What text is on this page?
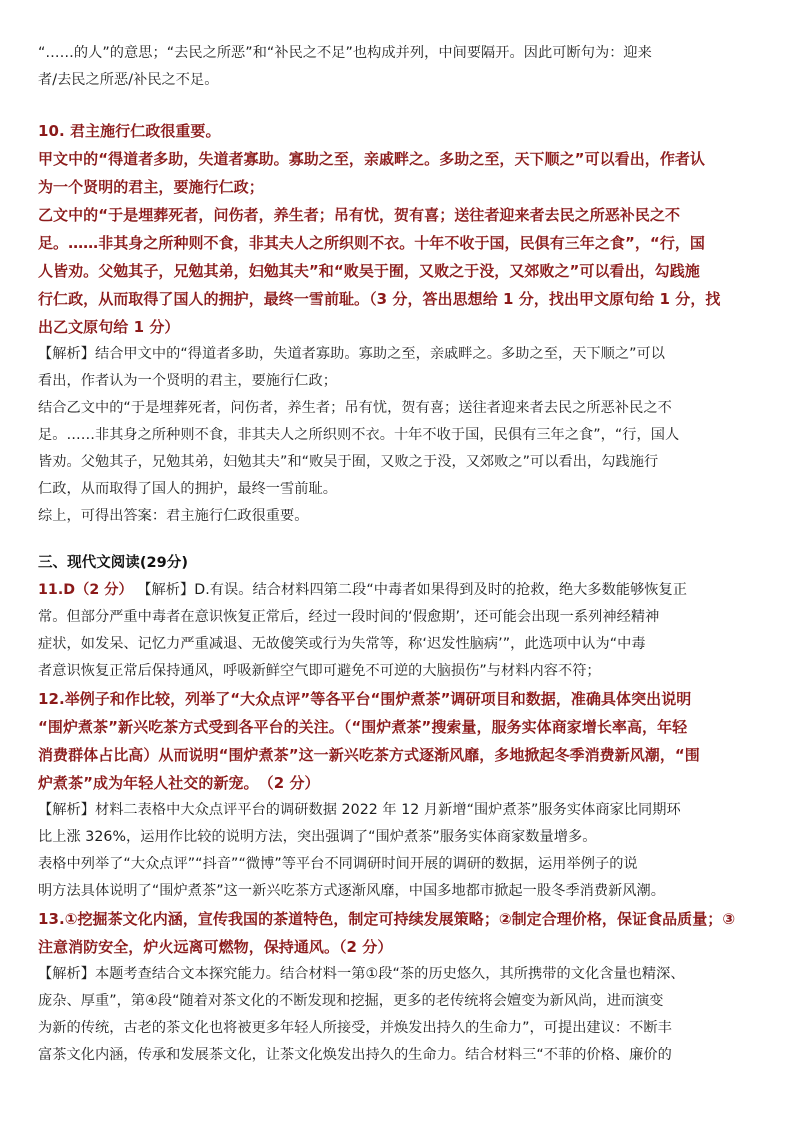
“……的人”的意思；“去民之所恶”和“补民之不足”也构成并列，中间要隔开。因此可断句为：迎来

者/去民之所恶/补民之不足。

10. 君主施行仁政很重要。

甲文中的“得道者多助，失道者寡助。寡助之至，亲戚畔之。多助之至，天下顺之”可以看出，作者认

为一个贤明的君主，要施行仁政；

乙文中的“于是埋葬死者，问伤者，养生者；吊有忧，贺有喜；送往者迎来者去民之所恶补民之不

足。……非其身之所种则不食，非其夫人之所织则不衣。十年不收于国，民俱有三年之食”，“行，国

人皆劝。父勉其子，兄勉其弟，妇勉其夫”和“败吴于囿，又败之于没，又郊败之”可以看出，勾践施

行仁政，从而取得了国人的拥护，最终一雪前耻。（3 分，答出思想给 1 分，找出甲文原句给 1 分，找

出乙文原句给 1 分）

【解析】结合甲文中的“得道者多助，失道者寡助。寡助之至，亲戚畔之。多助之至，天下顺之”可以

看出，作者认为一个贤明的君主，要施行仁政；

结合乙文中的“于是埋葬死者，问伤者，养生者；吊有忧，贺有喜；送往者迎来者去民之所恶补民之不

足。……非其身之所种则不食，非其夫人之所织则不衣。十年不收于国，民俱有三年之食”，“行，国人

皆劝。父勉其子，兄勉其弟，妇勉其夫”和“败吴于囿，又败之于没，又郊败之”可以看出，勾践施行

仁政，从而取得了国人的拥护，最终一雪前耻。

综上，可得出答案：君主施行仁政很重要。

三、现代文阅读(29分)

11.D（2 分） 【解析】D.有误。结合材料四第二段“中毒者如果得到及时的抢救，绝大多数能够恢复正

常。但部分严重中毒者在意识恢复正常后，经过一段时间的‘假愈期’，还可能会出现一系列神经精神

症状，如发呆、记忆力严重减退、无故傻笑或行为失常等，称‘迟发性脑病’”，此选项中认为“中毒

者意识恢复正常后保持通风，呼吸新鲜空气即可避免不可逆的大脑损伤”与材料内容不符；

12.举例子和作比较，列举了“大众点评”等各平台“围炉煮茶”调研项目和数据，准确具体突出说明

“围炉煮茶”新兴吃茶方式受到各平台的关注。（“围炉煮茶”搜索量，服务实体商家增长率高，年轻

消费群体占比高）从而说明“围炉煮茶”这一新兴吃茶方式逐渐风靡，多地掀起冬季消费新风潮，“围

炉煮茶”成为年轻人社交的新宠。　（2 分）

【解析】材料二表格中大众点评平台的调研数据 2022 年 12 月新增“围炉煮茶”服务实体商家比同期环

比上涨 326%，运用作比较的说明方法，突出强调了“围炉煮茶”服务实体商家数量增多。

表格中列举了“大众点评”“抖音”“微博”等平台不同调研时间开展的调研的数据，运用举例子的说

明方法具体说明了“围炉煮茶”这一新兴吃茶方式逐渐风靡，中国多地都市掀起一股冬季消费新风潮。

13.①挖掘茶文化内涵，宣传我国的茶道特色，制定可持续发展策略；②制定合理价格，保证食品质量；③

注意消防安全，炉火远离可燃物，保持通风。（2 分）

【解析】本题考查结合文本探究能力。结合材料一第①段“茶的历史悠久，其所携带的文化含量也精深、

庞杂、厚重”，第④段“随着对茶文化的不断发现和挖掘，更多的老传统将会嬗变为新风尚，进而演变

为新的传统，古老的茶文化也将被更多年轻人所接受，并焕发出持久的生命力”，可提出建议：不断丰

富茶文化内涵，传承和发展茶文化，让茶文化焕发出持久的生命力。结合材料三“不菲的价格、廉价的
